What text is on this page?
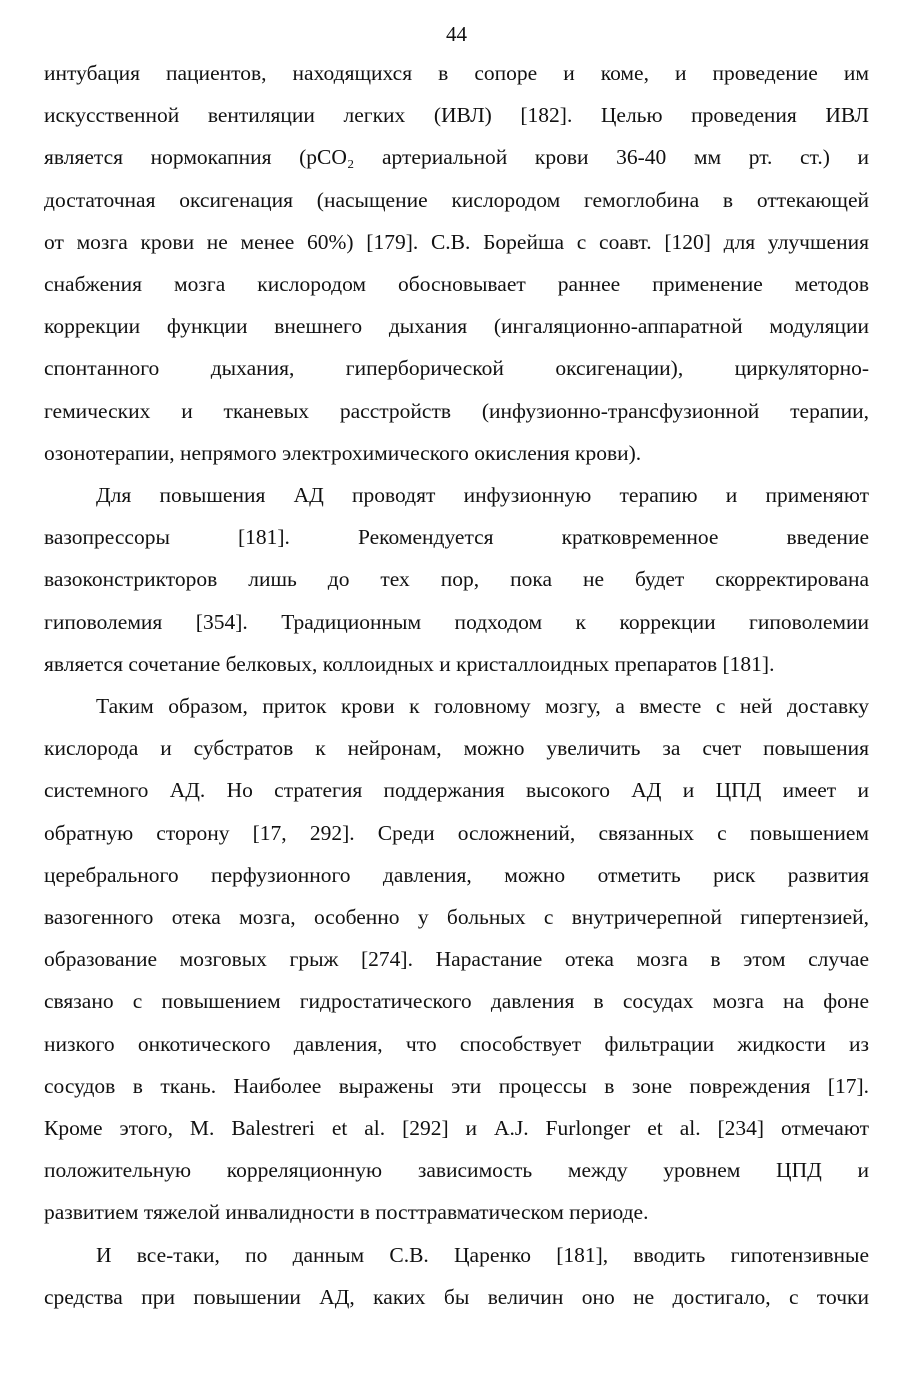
44
интубация пациентов, находящихся в сопоре и коме, и проведение им
искусственной вентиляции легких (ИВЛ) [182]. Целью проведения ИВЛ
является нормокапния (pCO₂ артериальной крови 36-40 мм рт. ст.) и
достаточная оксигенация (насыщение кислородом гемоглобина в оттекающей
от мозга крови не менее 60%) [179]. С.В. Борейша с соавт. [120] для улучшения
снабжения мозга кислородом обосновывает раннее применение методов
коррекции функции внешнего дыхания (ингаляционно-аппаратной модуляции
спонтанного дыхания, гиперборической оксигенации), циркуляторно-
гемических и тканевых расстройств (инфузионно-трансфузионной терапии,
озонотерапии, непрямого электрохимического окисления крови).
Для повышения АД проводят инфузионную терапию и применяют
вазопрессоры [181]. Рекомендуется кратковременное введение
вазоконстрикторов лишь до тех пор, пока не будет скорректирована
гиповолемия [354]. Традиционным подходом к коррекции гиповолемии
является сочетание белковых, коллоидных и кристаллоидных препаратов [181].
Таким образом, приток крови к головному мозгу, а вместе с ней доставку
кислорода и субстратов к нейронам, можно увеличить за счет повышения
системного АД. Но стратегия поддержания высокого АД и ЦПД имеет и
обратную сторону [17, 292]. Среди осложнений, связанных с повышением
церебрального перфузионного давления, можно отметить риск развития
вазогенного отека мозга, особенно у больных с внутричерепной гипертензией,
образование мозговых грыж [274]. Нарастание отека мозга в этом случае
связано с повышением гидростатического давления в сосудах мозга на фоне
низкого онкотического давления, что способствует фильтрации жидкости из
сосудов в ткань. Наиболее выражены эти процессы в зоне повреждения [17].
Кроме этого, M. Balestreri et al. [292] и A.J. Furlonger et al. [234] отмечают
положительную корреляционную зависимость между уровнем ЦПД и
развитием тяжелой инвалидности в посттравматическом периоде.
И все-таки, по данным С.В. Царенко [181], вводить гипотензивные
средства при повышении АД, каких бы величин оно не достигало, с точки
